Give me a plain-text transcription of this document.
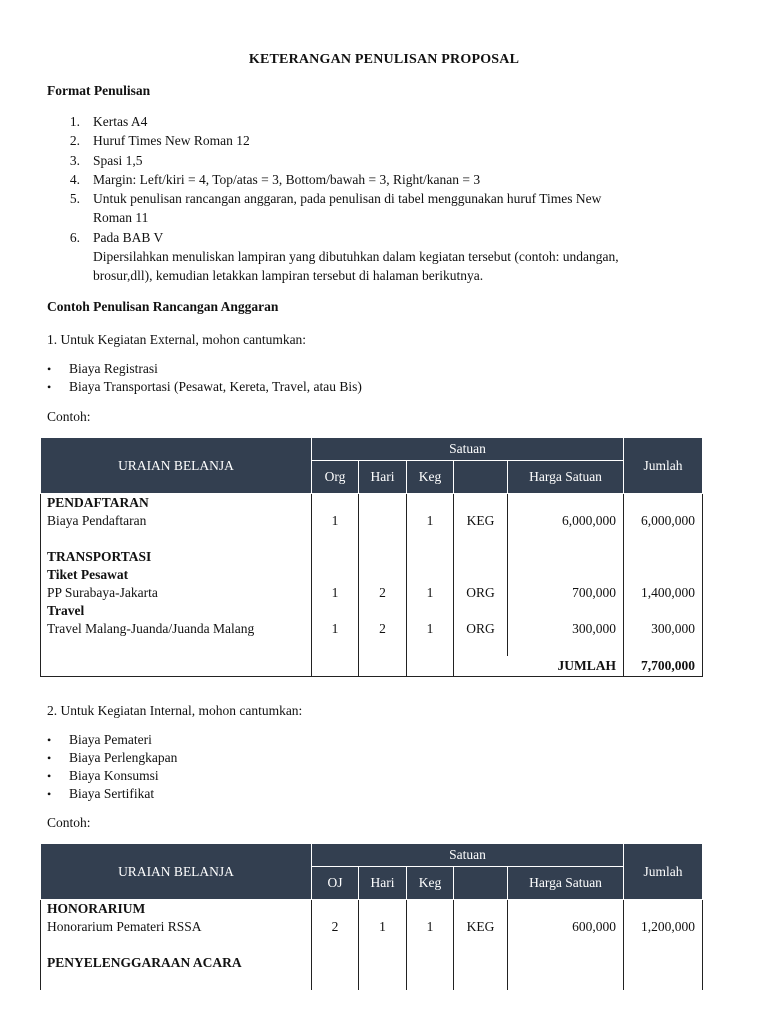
KETERANGAN PENULISAN PROPOSAL
Format Penulisan
1. Kertas A4
2. Huruf Times New Roman 12
3. Spasi 1,5
4. Margin: Left/kiri = 4, Top/atas = 3, Bottom/bawah = 3, Right/kanan = 3
5. Untuk penulisan rancangan anggaran, pada penulisan di tabel menggunakan huruf Times New
Roman 11
6. Pada BAB V
Dipersilahkan menuliskan lampiran yang dibutuhkan dalam kegiatan tersebut (contoh: undangan,
brosur,dll), kemudian letakkan lampiran tersebut di halaman berikutnya.
Contoh Penulisan Rancangan Anggaran
1. Untuk Kegiatan External, mohon cantumkan:
• Biaya Registrasi
• Biaya Transportasi (Pesawat, Kereta, Travel, atau Bis)
Contoh:
URAIAN BELANJA	Satuan					Jumlah
	Org	Hari	Keg		Harga Satuan	
PENDAFTARAN						
Biaya Pendaftaran	1		1	KEG	6,000,000	6,000,000

TRANSPORTASI						
Tiket Pesawat						
PP Surabaya-Jakarta	1	2	1	ORG	700,000	1,400,000
Travel						
Travel Malang-Juanda/Juanda Malang	1	2	1	ORG	300,000	300,000

					JUMLAH	7,700,000
2. Untuk Kegiatan Internal, mohon cantumkan:
• Biaya Pemateri
• Biaya Perlengkapan
• Biaya Konsumsi
• Biaya Sertifikat
Contoh:
URAIAN BELANJA	Satuan					Jumlah
	OJ	Hari	Keg		Harga Satuan	
HONORARIUM						
Honorarium Pemateri RSSA	2	1	1	KEG	600,000	1,200,000

PENYELENGGARAAN ACARA						
